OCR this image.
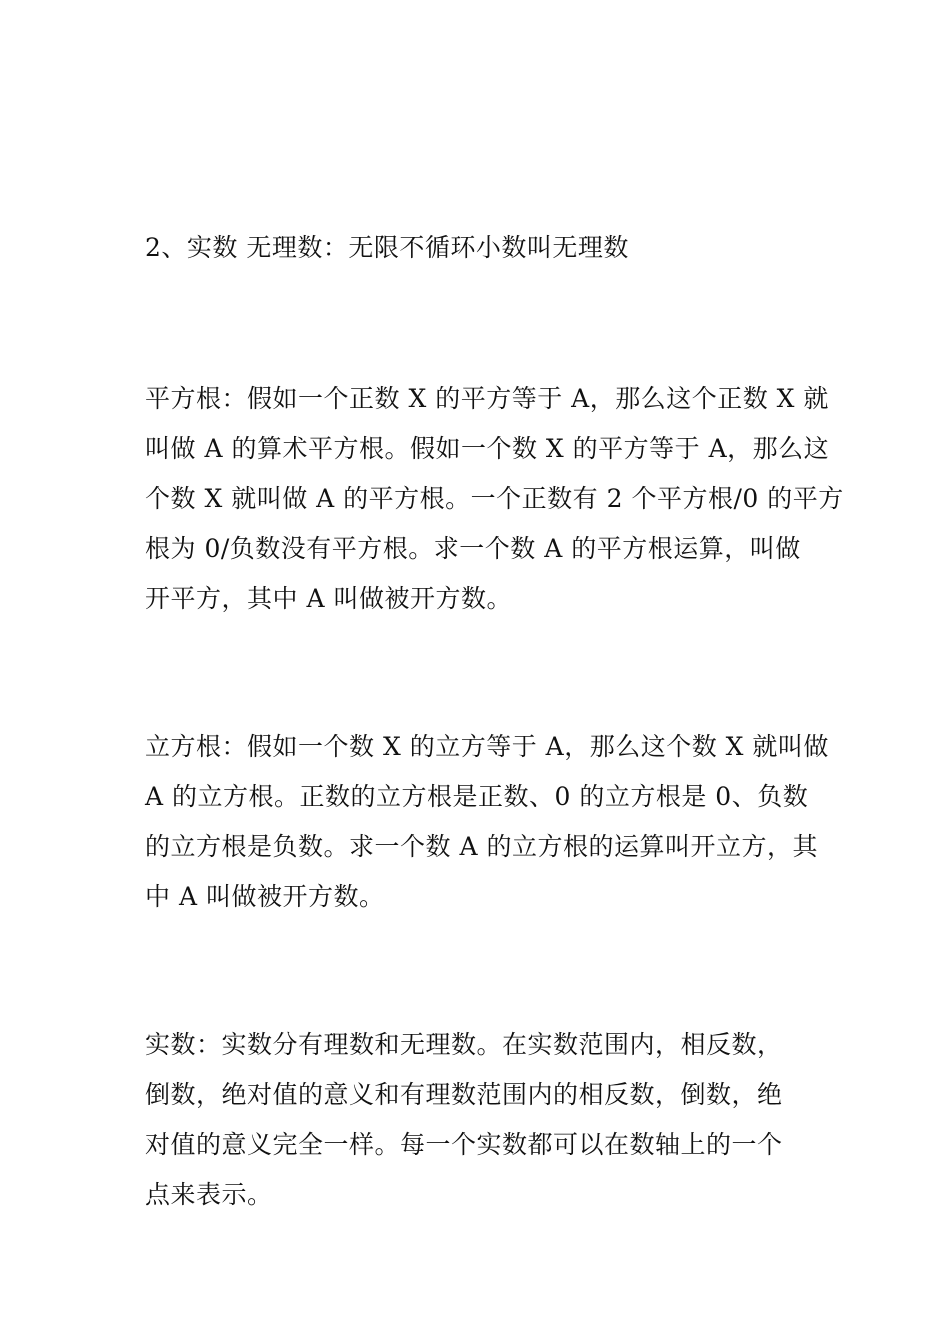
2、实数 无理数：无限不循环小数叫无理数

平方根：假如一个正数 X 的平方等于 A，那么这个正数 X 就
叫做 A 的算术平方根。假如一个数 X 的平方等于 A，那么这
个数 X 就叫做 A 的平方根。一个正数有 2 个平方根/0 的平方
根为 0/负数没有平方根。求一个数 A 的平方根运算，叫做
开平方，其中 A 叫做被开方数。

立方根：假如一个数 X 的立方等于 A，那么这个数 X 就叫做
A 的立方根。正数的立方根是正数、0 的立方根是 0、负数
的立方根是负数。求一个数 A 的立方根的运算叫开立方，其
中 A 叫做被开方数。

实数：实数分有理数和无理数。在实数范围内，相反数，
倒数，绝对值的意义和有理数范围内的相反数，倒数，绝
对值的意义完全一样。每一个实数都可以在数轴上的一个
点来表示。
